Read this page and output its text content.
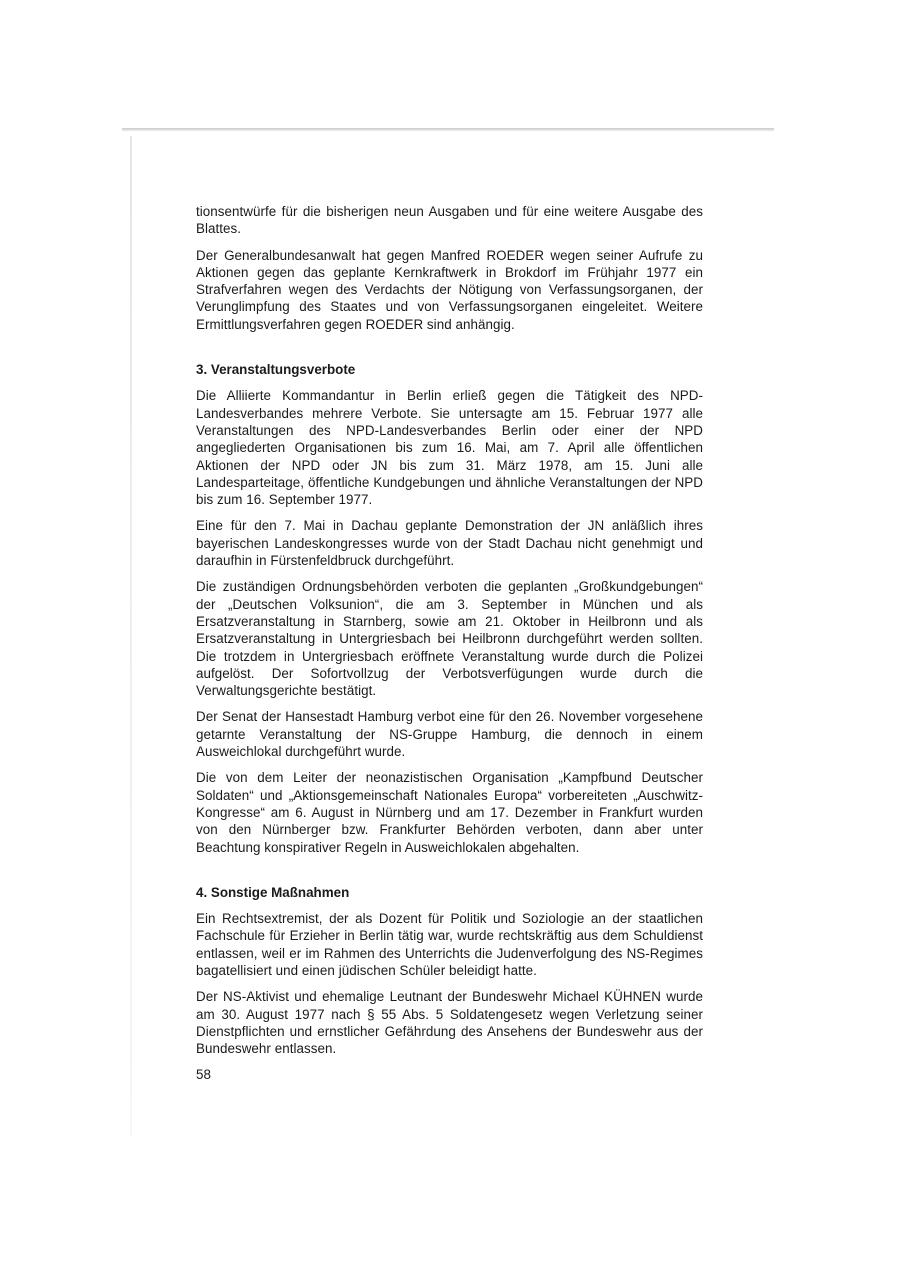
tionsentwürfe für die bisherigen neun Ausgaben und für eine weitere Ausgabe des Blattes.

Der Generalbundesanwalt hat gegen Manfred ROEDER wegen seiner Aufrufe zu Aktionen gegen das geplante Kernkraftwerk in Brokdorf im Frühjahr 1977 ein Strafverfahren wegen des Verdachts der Nötigung von Verfassungsorganen, der Verunglimpfung des Staates und von Verfassungsorganen eingeleitet. Weitere Ermittlungsverfahren gegen ROEDER sind anhängig.

3. Veranstaltungsverbote

Die Alliierte Kommandantur in Berlin erließ gegen die Tätigkeit des NPD-Landesverbandes mehrere Verbote. Sie untersagte am 15. Februar 1977 alle Veranstaltungen des NPD-Landesverbandes Berlin oder einer der NPD angegliederten Organisationen bis zum 16. Mai, am 7. April alle öffentlichen Aktionen der NPD oder JN bis zum 31. März 1978, am 15. Juni alle Landesparteitage, öffentliche Kundgebungen und ähnliche Veranstaltungen der NPD bis zum 16. September 1977.

Eine für den 7. Mai in Dachau geplante Demonstration der JN anläßlich ihres bayerischen Landeskongresses wurde von der Stadt Dachau nicht genehmigt und daraufhin in Fürstenfeldbruck durchgeführt.

Die zuständigen Ordnungsbehörden verboten die geplanten „Großkundgebungen“ der „Deutschen Volksunion“, die am 3. September in München und als Ersatzveranstaltung in Starnberg, sowie am 21. Oktober in Heilbronn und als Ersatzveranstaltung in Untergriesbach bei Heilbronn durchgeführt werden sollten. Die trotzdem in Untergriesbach eröffnete Veranstaltung wurde durch die Polizei aufgelöst. Der Sofortvollzug der Verbotsverfügungen wurde durch die Verwaltungsgerichte bestätigt.

Der Senat der Hansestadt Hamburg verbot eine für den 26. November vorgesehene getarnte Veranstaltung der NS-Gruppe Hamburg, die dennoch in einem Ausweichlokal durchgeführt wurde.

Die von dem Leiter der neonazistischen Organisation „Kampfbund Deutscher Soldaten“ und „Aktionsgemeinschaft Nationales Europa“ vorbereiteten „Auschwitz-Kongresse“ am 6. August in Nürnberg und am 17. Dezember in Frankfurt wurden von den Nürnberger bzw. Frankfurter Behörden verboten, dann aber unter Beachtung konspirativer Regeln in Ausweichlokalen abgehalten.

4. Sonstige Maßnahmen

Ein Rechtsextremist, der als Dozent für Politik und Soziologie an der staatlichen Fachschule für Erzieher in Berlin tätig war, wurde rechtskräftig aus dem Schuldienst entlassen, weil er im Rahmen des Unterrichts die Judenverfolgung des NS-Regimes bagatellisiert und einen jüdischen Schüler beleidigt hatte.

Der NS-Aktivist und ehemalige Leutnant der Bundeswehr Michael KÜHNEN wurde am 30. August 1977 nach § 55 Abs. 5 Soldatengesetz wegen Verletzung seiner Dienstpflichten und ernstlicher Gefährdung des Ansehens der Bundeswehr aus der Bundeswehr entlassen.

58
